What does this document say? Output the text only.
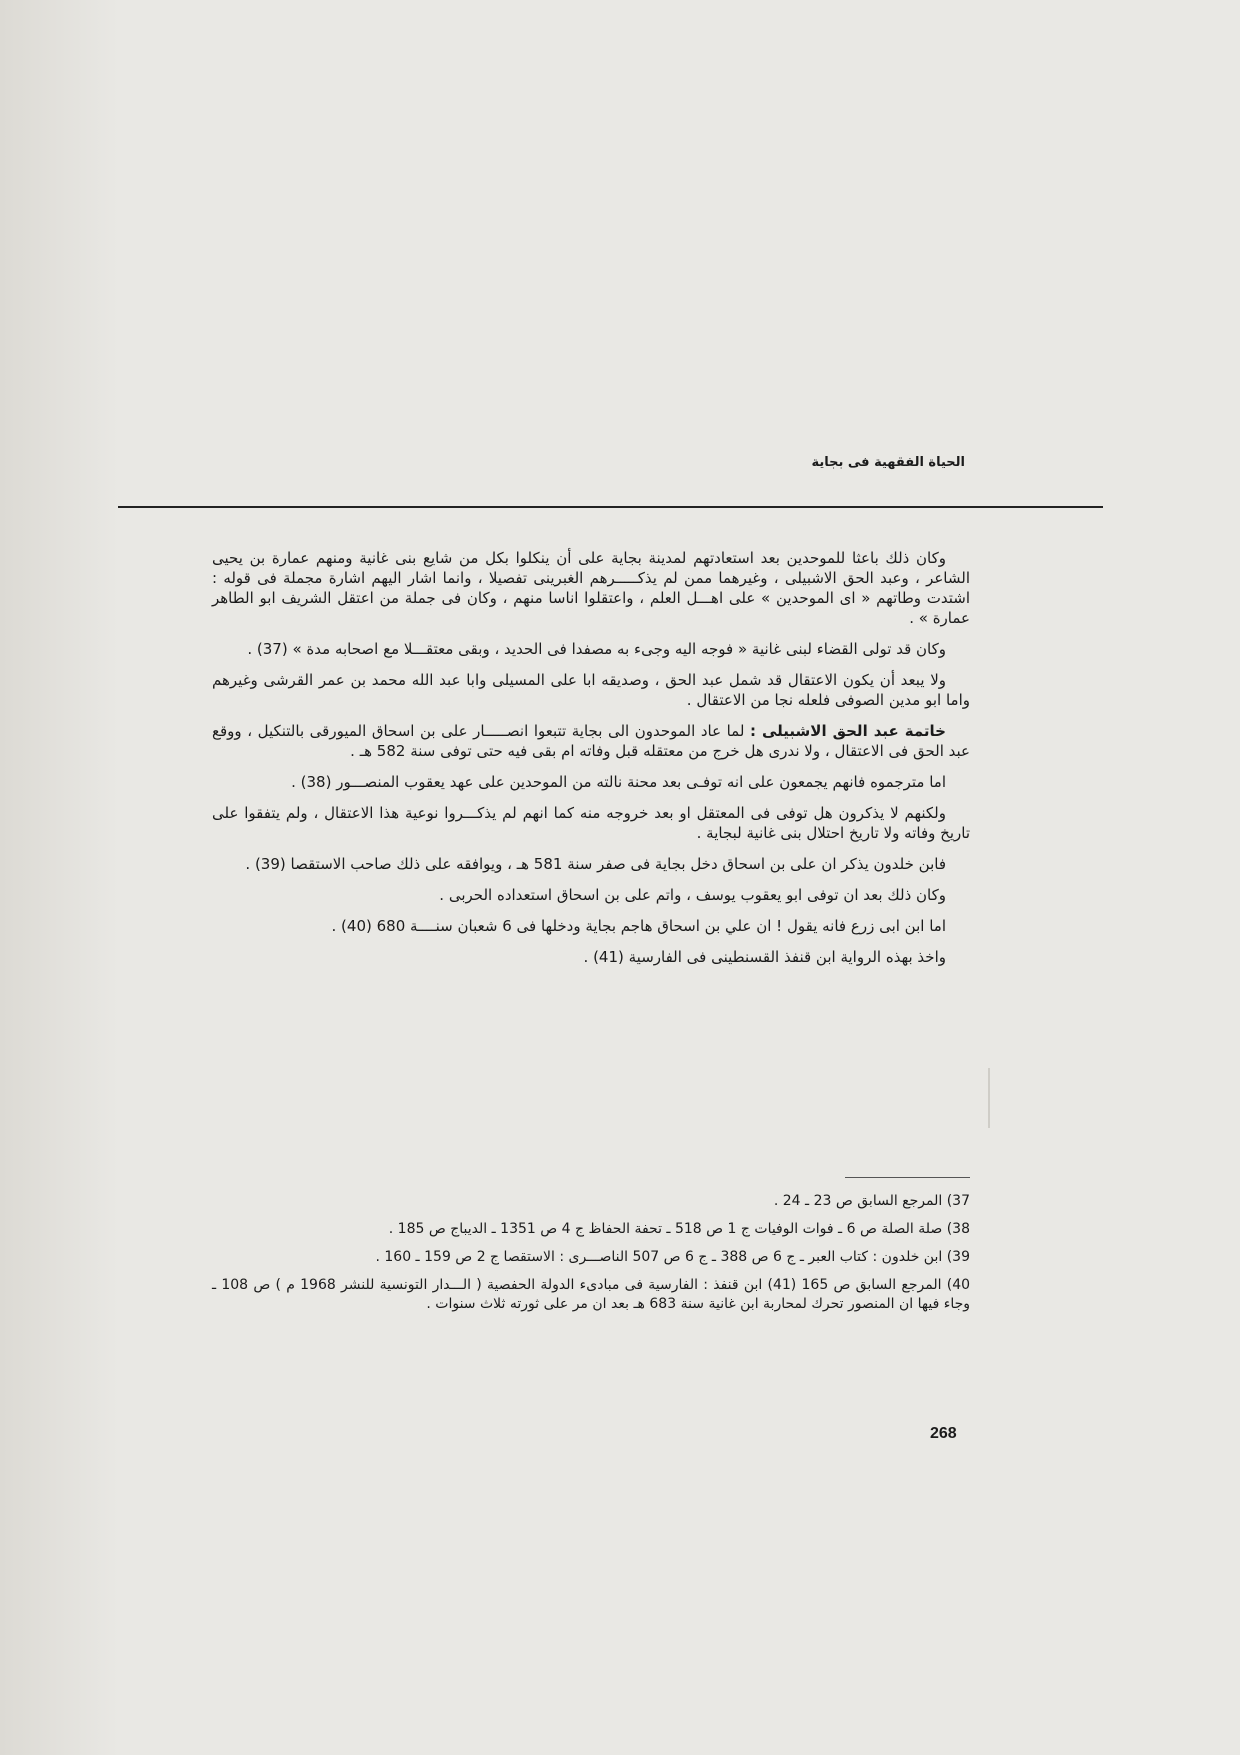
الحياة الفقهية فى بجاية

وكان ذلك باعثا للموحدين بعد استعادتهم لمدينة بجاية على أن ينكلوا بكل من شايع بنى غانية ومنهم عمارة بن يحيى الشاعر ، وعبد الحق الاشبيلى ، وغيرهما ممن لم يذكـــــرهم الغبرينى تفصيلا ، وانما اشار اليهم اشارة مجملة فى قوله : اشتدت وطاتهم « اى الموحدين » على اهـــل العلم ، واعتقلوا اناسا منهم ، وكان فى جملة من اعتقل الشريف ابو الطاهر عمارة » .

وكان قد تولى القضاء لبنى غانية « فوجه اليه وجىء به مصفدا فى الحديد ، وبقى معتقـــلا مع اصحابه مدة » (37) .

ولا يبعد أن يكون الاعتقال قد شمل عبد الحق ، وصديقه ابا على المسيلى وابا عبد الله محمد بن عمر القرشى وغيرهم واما ابو مدين الصوفى فلعله نجا من الاعتقال .

خاتمة عبد الحق الاشبيلى : لما عاد الموحدون الى بجاية تتبعوا انصـــــار على بن اسحاق الميورقى بالتنكيل ، ووقع عبد الحق فى الاعتقال ، ولا ندرى هل خرج من معتقله قبل وفاته ام بقى فيه حتى توفى سنة 582 هـ .

اما مترجموه فانهم يجمعون على انه توفـى بعد محنة نالته من الموحدين على عهد يعقوب المنصـــور (38) .

ولكنهم لا يذكرون هل توفى فى المعتقل او بعد خروجه منه كما انهم لم يذكـــروا نوعية هذا الاعتقال ، ولم يتفقوا على تاريخ وفاته ولا تاريخ احتلال بنى غانية لبجاية .

فابن خلدون يذكر ان على بن اسحاق دخل بجاية فى صفر سنة 581 هـ ، ويوافقه على ذلك صاحب الاستقصا (39) .

وكان ذلك بعد ان توفى ابو يعقوب يوسف ، واتم على بن اسحاق استعداده الحربى .

اما ابن ابى زرع فانه يقول ! ان علي بن اسحاق هاجم بجاية ودخلها فى 6 شعبان سنــــة 680 (40) .

واخذ بهذه الرواية ابن قنفذ القسنطينى فى الفارسية (41) .

37) المرجع السابق ص 23 ـ 24 .
38) صلة الصلة ص 6 ـ فوات الوفيات ج 1 ص 518 ـ تحفة الحفاظ ج 4 ص 1351 ـ الديباج ص 185 .
39) ابن خلدون : كتاب العبر ـ ج 6 ص 388 ـ ج 6 ص 507 الناصـــرى : الاستقصا ج 2 ص 159 ـ 160 .
40) المرجع السابق ص 165 (41) ابن قنفذ : الفارسية فى مبادىء الدولة الحفصية ( الـــدار التونسية للنشر 1968 م ) ص 108 ـ وجاء فيها ان المنصور تحرك لمحاربة ابن غانية سنة 683 هـ بعد ان مر على ثورته ثلاث سنوات .
268
